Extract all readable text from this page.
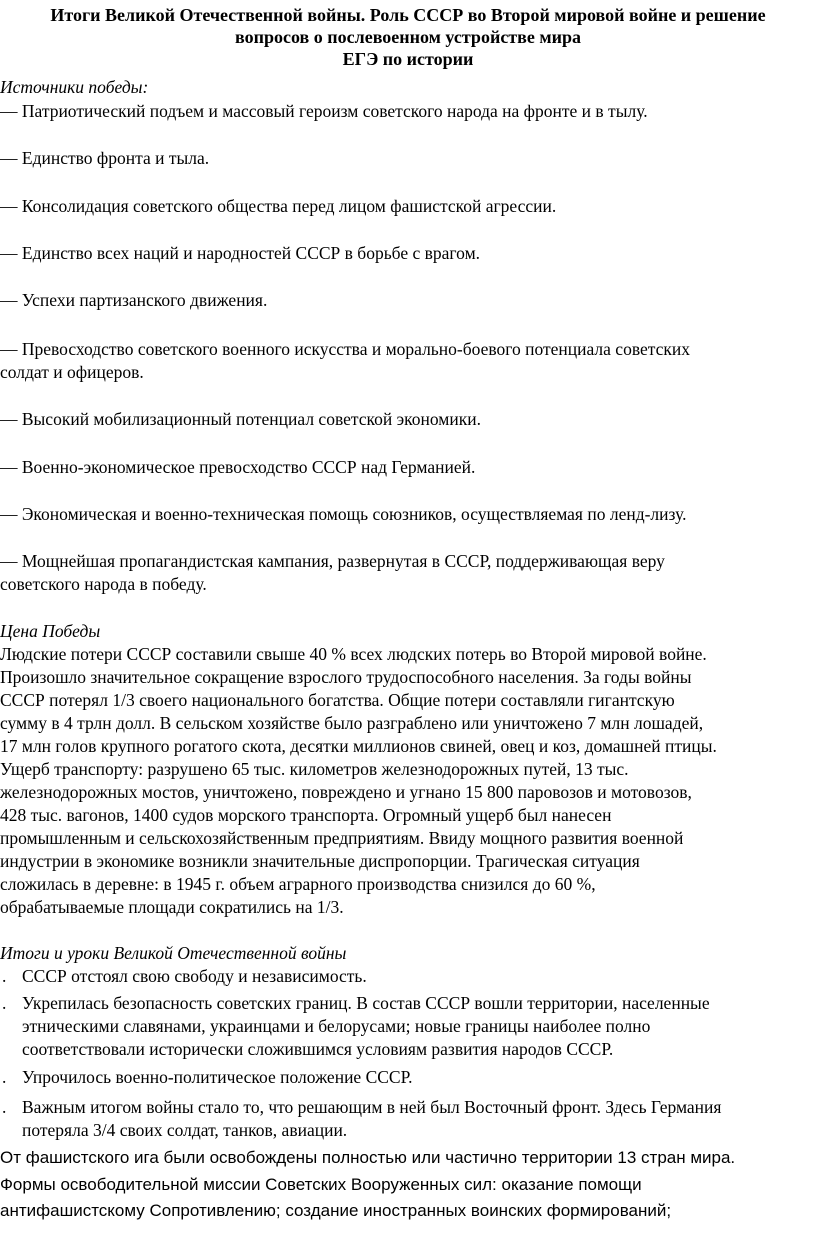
Итоги Великой Отечественной войны. Роль СССР во Второй мировой войне и решение
вопросов о послевоенном устройстве мира
ЕГЭ по истории
Источники победы:
— Патриотический подъем и массовый героизм советского народа на фронте и в тылу.
— Единство фронта и тыла.
— Консолидация советского общества перед лицом фашистской агрессии.
— Единство всех наций и народностей СССР в борьбе с врагом.
— Успехи партизанского движения.
— Превосходство советского военного искусства и морально-боевого потенциала советских
солдат и офицеров.
— Высокий мобилизационный потенциал советской экономики.
— Военно-экономическое превосходство СССР над Германией.
— Экономическая и военно-техническая помощь союзников, осуществляемая по ленд-лизу.
— Мощнейшая пропагандистская кампания, развернутая в СССР, поддерживающая веру
советского народа в победу.
Цена Победы
Людские потери СССР составили свыше 40 % всех людских потерь во Второй мировой войне.
Произошло значительное сокращение взрослого трудоспособного населения. За годы войны
СССР потерял 1/3 своего национального богатства. Общие потери составляли гигантскую
сумму в 4 трлн долл. В сельском хозяйстве было разграблено или уничтожено 7 млн лошадей,
17 млн голов крупного рогатого скота, десятки миллионов свиней, овец и коз, домашней птицы.
Ущерб транспорту: разрушено 65 тыс. километров железнодорожных путей, 13 тыс.
железнодорожных мостов, уничтожено, повреждено и угнано 15 800 паровозов и мотовозов,
428 тыс. вагонов, 1400 судов морского транспорта. Огромный ущерб был нанесен
промышленным и сельскохозяйственным предприятиям. Ввиду мощного развития военной
индустрии в экономике возникли значительные диспропорции. Трагическая ситуация
сложилась в деревне: в 1945 г. объем аграрного производства снизился до 60 %,
обрабатываемые площади сократились на 1/3.
Итоги и уроки Великой Отечественной войны
. СССР отстоял свою свободу и независимость.
. Укрепилась безопасность советских границ. В состав СССР вошли территории, населенные
этническими славянами, украинцами и белорусами; новые границы наиболее полно
соответствовали исторически сложившимся условиям развития народов СССР.
. Упрочилось военно-политическое положение СССР.
. Важным итогом войны стало то, что решающим в ней был Восточный фронт. Здесь Германия
потеряла 3/4 своих солдат, танков, авиации.
От фашистского ига были освобождены полностью или частично территории 13 стран мира.
Формы освободительной миссии Советских Вооруженных сил: оказание помощи
антифашистскому Сопротивлению; создание иностранных воинских формирований;
